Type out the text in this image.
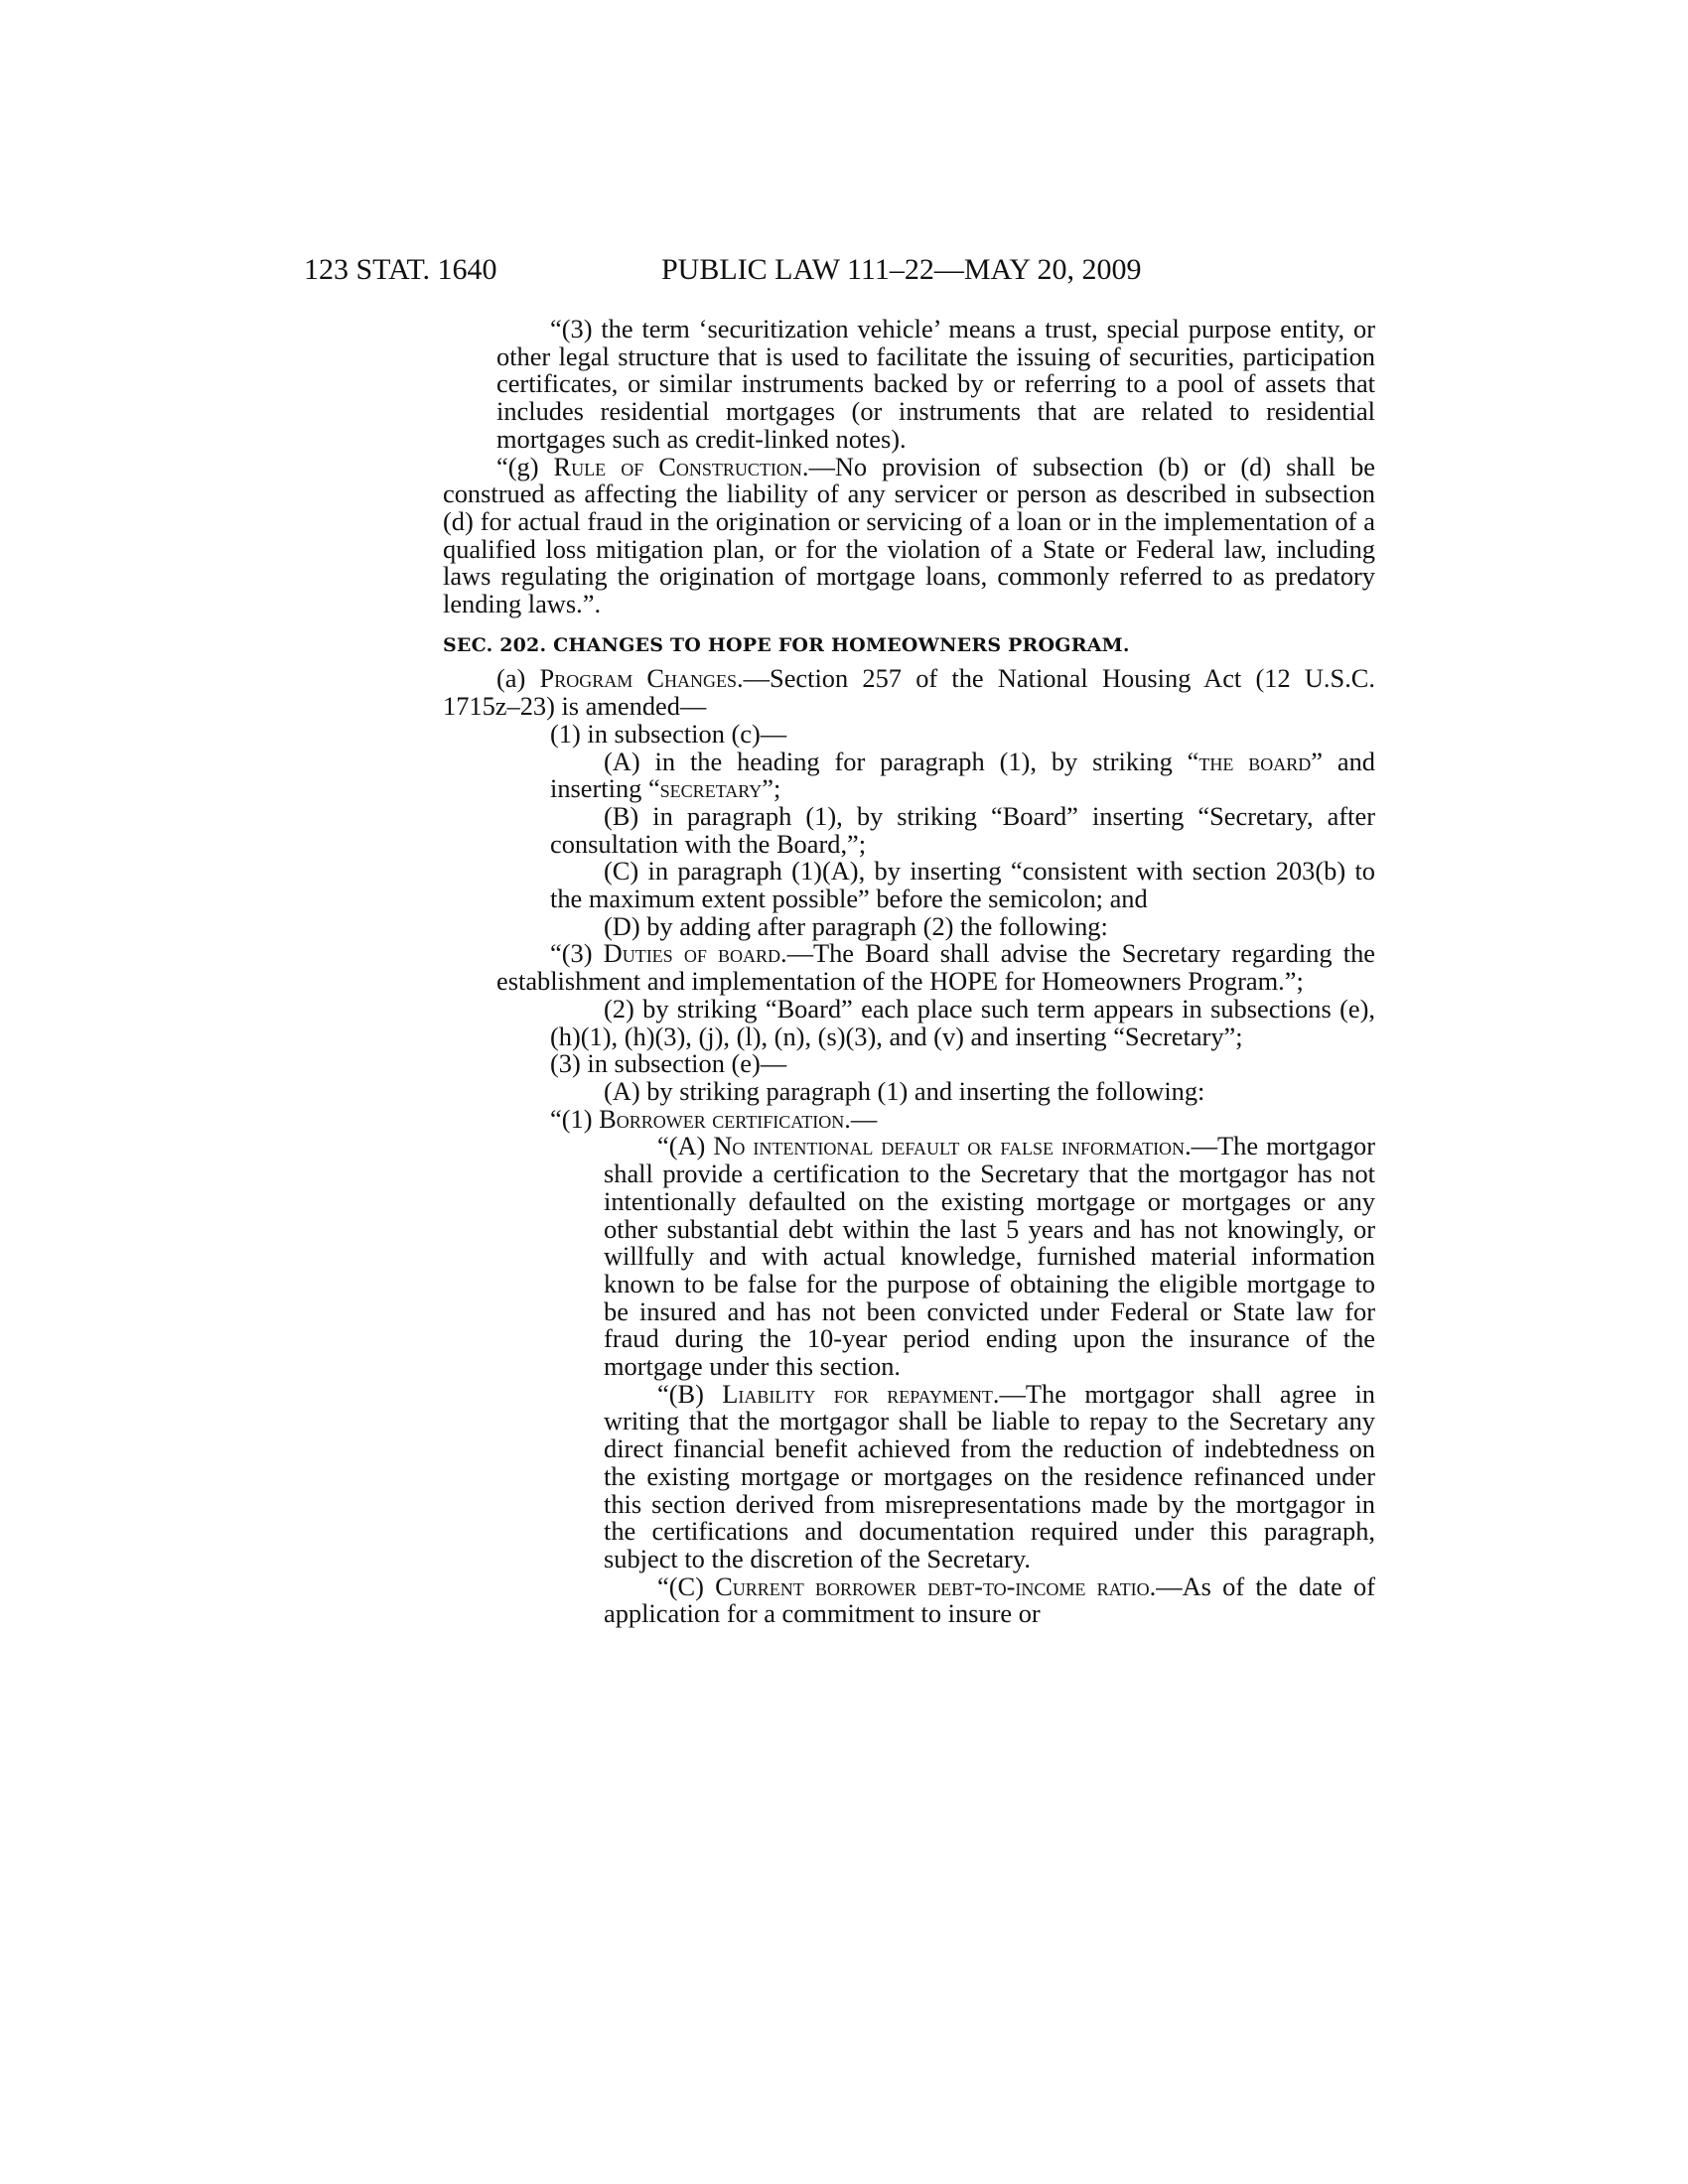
123 STAT. 1640	PUBLIC LAW 111–22—MAY 20, 2009

“(3) the term ‘securitization vehicle’ means a trust, special purpose entity, or other legal structure that is used to facilitate the issuing of securities, participation certificates, or similar instruments backed by or referring to a pool of assets that includes residential mortgages (or instruments that are related to residential mortgages such as credit-linked notes).

“(g) Rule of Construction.—No provision of subsection (b) or (d) shall be construed as affecting the liability of any servicer or person as described in subsection (d) for actual fraud in the origination or servicing of a loan or in the implementation of a qualified loss mitigation plan, or for the violation of a State or Federal law, including laws regulating the origination of mortgage loans, commonly referred to as predatory lending laws.”.

SEC. 202. CHANGES TO HOPE FOR HOMEOWNERS PROGRAM.

(a) Program Changes.—Section 257 of the National Housing Act (12 U.S.C. 1715z–23) is amended—

(1) in subsection (c)—

(A) in the heading for paragraph (1), by striking “the board” and inserting “secretary”;

(B) in paragraph (1), by striking “Board” inserting “Secretary, after consultation with the Board,”;

(C) in paragraph (1)(A), by inserting “consistent with section 203(b) to the maximum extent possible” before the semicolon; and

(D) by adding after paragraph (2) the following:

“(3) Duties of board.—The Board shall advise the Secretary regarding the establishment and implementation of the HOPE for Homeowners Program.”;

(2) by striking “Board” each place such term appears in subsections (e), (h)(1), (h)(3), (j), (l), (n), (s)(3), and (v) and inserting “Secretary”;

(3) in subsection (e)—

(A) by striking paragraph (1) and inserting the following:

“(1) Borrower certification.—

“(A) No intentional default or false information.—The mortgagor shall provide a certification to the Secretary that the mortgagor has not intentionally defaulted on the existing mortgage or mortgages or any other substantial debt within the last 5 years and has not knowingly, or willfully and with actual knowledge, furnished material information known to be false for the purpose of obtaining the eligible mortgage to be insured and has not been convicted under Federal or State law for fraud during the 10-year period ending upon the insurance of the mortgage under this section.

“(B) Liability for repayment.—The mortgagor shall agree in writing that the mortgagor shall be liable to repay to the Secretary any direct financial benefit achieved from the reduction of indebtedness on the existing mortgage or mortgages on the residence refinanced under this section derived from misrepresentations made by the mortgagor in the certifications and documentation required under this paragraph, subject to the discretion of the Secretary.

“(C) Current borrower debt-to-income ratio.—As of the date of application for a commitment to insure or
